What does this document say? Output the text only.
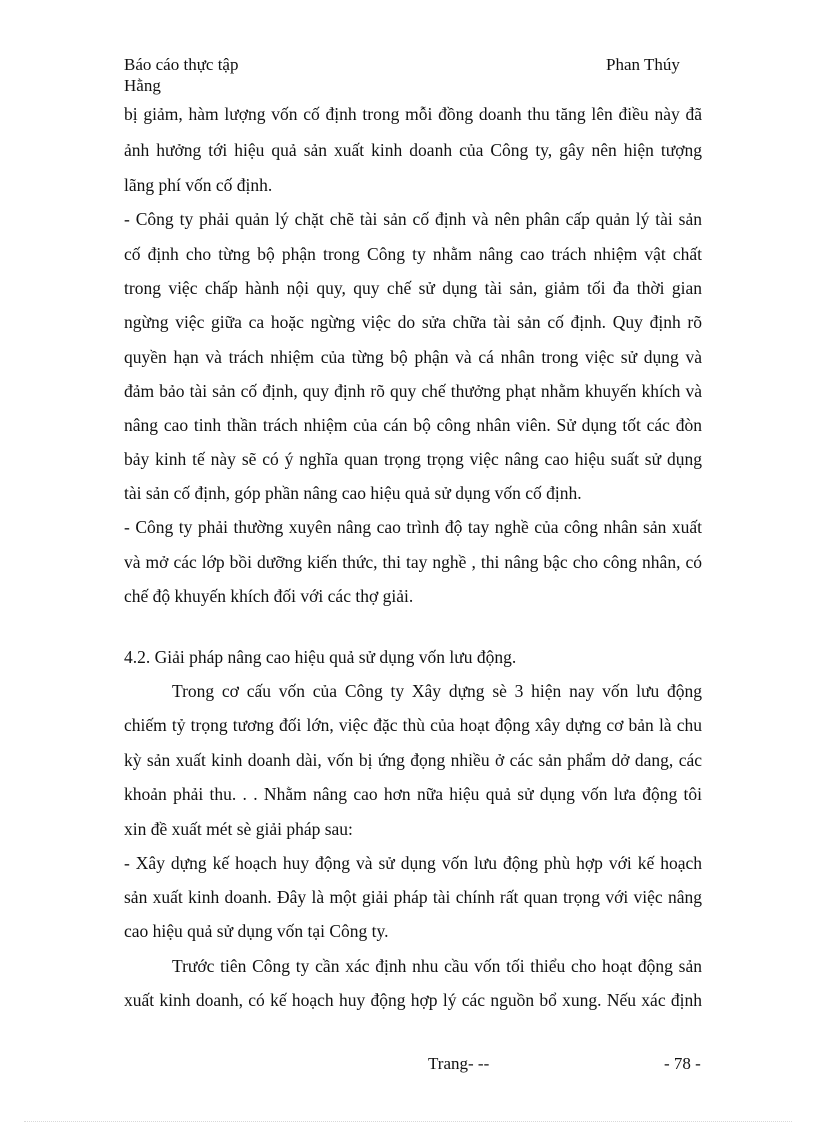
Báo cáo thực tập	Phan Thúy
Hằng
bị giảm, hàm lượng vốn cố định trong mỗi đồng doanh thu tăng lên điều này đã
ảnh hưởng tới hiệu quả sản xuất kinh doanh của Công ty, gây nên hiện tượng
lãng phí vốn cố định.
- Công ty phải quản lý chặt chẽ tài sản cố định và nên phân cấp quản lý tài sản
cố định cho từng bộ phận trong Công ty nhằm nâng cao trách nhiệm vật chất
trong việc chấp hành nội quy, quy chế sử dụng tài sản, giảm tối đa thời gian
ngừng việc giữa ca hoặc ngừng việc do sửa chữa tài sản cố định. Quy định rõ
quyền hạn và trách nhiệm của từng bộ phận và cá nhân trong việc sử dụng và
đảm bảo tài sản cố định, quy định rõ quy chế thưởng phạt nhằm khuyến khích và
nâng cao tinh thần trách nhiệm của cán bộ công nhân viên. Sử dụng tốt các đòn
bảy kinh tế này sẽ có ý nghĩa quan trọng trọng việc nâng cao hiệu suất sử dụng
tài sản cố định, góp phần nâng cao hiệu quả sử dụng vốn cố định.
- Công ty phải thường xuyên nâng cao trình độ tay nghề của công nhân sản xuất
và mở các lớp bồi dưỡng kiến thức, thi tay nghề , thi nâng bậc cho công nhân, có
chế độ khuyến khích đối với các thợ giải.
4.2. Giải pháp nâng cao hiệu quả sử dụng vốn lưu động.
Trong cơ cấu vốn của Công ty Xây dựng sè 3 hiện nay vốn lưu động
chiếm tỷ trọng tương đối lớn, việc đặc thù của hoạt động xây dựng cơ bản là chu
kỳ sản xuất kinh doanh dài, vốn bị ứng đọng nhiều ở các sản phẩm dở dang, các
khoản phải thu. . . Nhằm nâng cao hơn nữa hiệu quả sử dụng vốn lưa động tôi
xin đề xuất mét sè giải pháp sau:
- Xây dựng kế hoạch huy động và sử dụng vốn lưu động phù hợp với kế hoạch
sản xuất kinh doanh. Đây là một giải pháp tài chính rất quan trọng với việc nâng
cao hiệu quả sử dụng vốn tại Công ty.
Trước tiên Công ty cần xác định nhu cầu vốn tối thiểu cho hoạt động sản
xuất kinh doanh, có kế hoạch huy động hợp lý các nguồn bổ xung. Nếu xác định
Trang- --	- 78 -
